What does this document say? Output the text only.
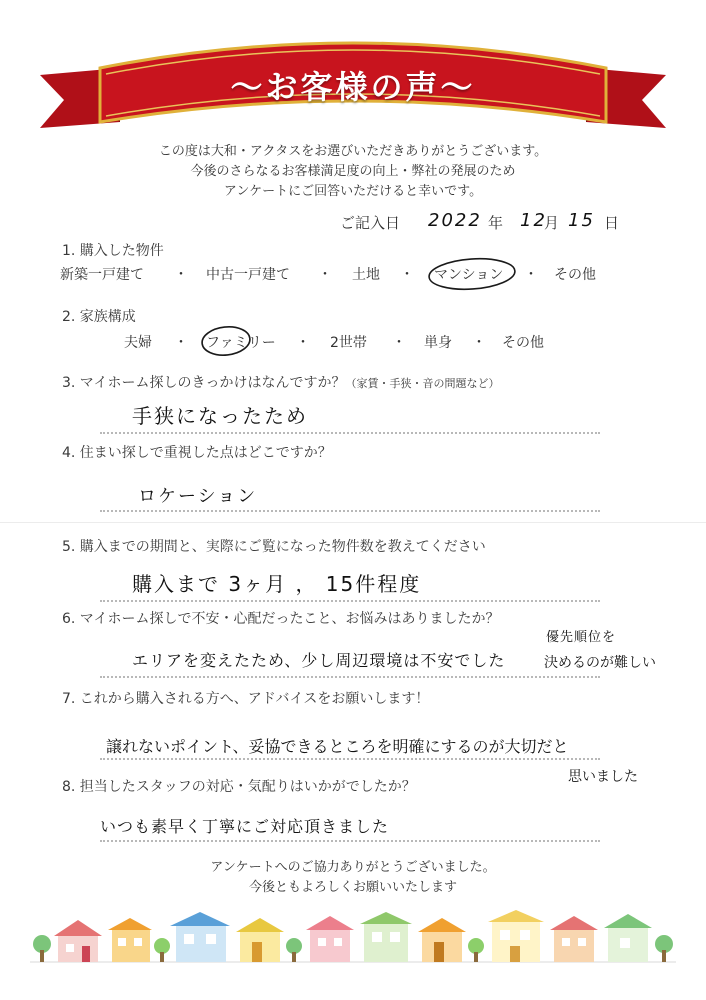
～お客様の声～
この度は大和・アクタスをお選びいただきありがとうございます。
今後のさらなるお客様満足度の向上・弊社の発展のため
アンケートにご回答いただけると幸いです。
ご記入日 2022 年 12
月 15 日
1. 購入した物件
新築一戸建て ・ 中古一戸建て ・ 土地 ・ マンション ・ その他
2. 家族構成
夫婦 ・ ファミリー ・ 2世帯 ・ 単身 ・ その他
3. マイホーム探しのきっかけはなんですか？（家賃・手狭・音の問題など）
手狭になったため
4. 住まい探しで重視した点はどこですか？
ロケーション
5. 購入までの期間と、実際にご覧になった物件数を教えてください
購入まで 3ヶ月 ， 15件程度
6. マイホーム探しで不安・心配だったこと、お悩みはありましたか？
優先順位を
エリアを変えたため、少し周辺環境は不安でした	決めるのが難しい
7. これから購入される方へ、アドバイスをお願いします！
譲れないポイント、妥協できるところを明確にするのが大切だと
思いました
8. 担当したスタッフの対応・気配りはいかがでしたか？
いつも素早く丁寧にご対応頂きました
アンケートへのご協力ありがとうございました。
今後ともよろしくお願いいたします
